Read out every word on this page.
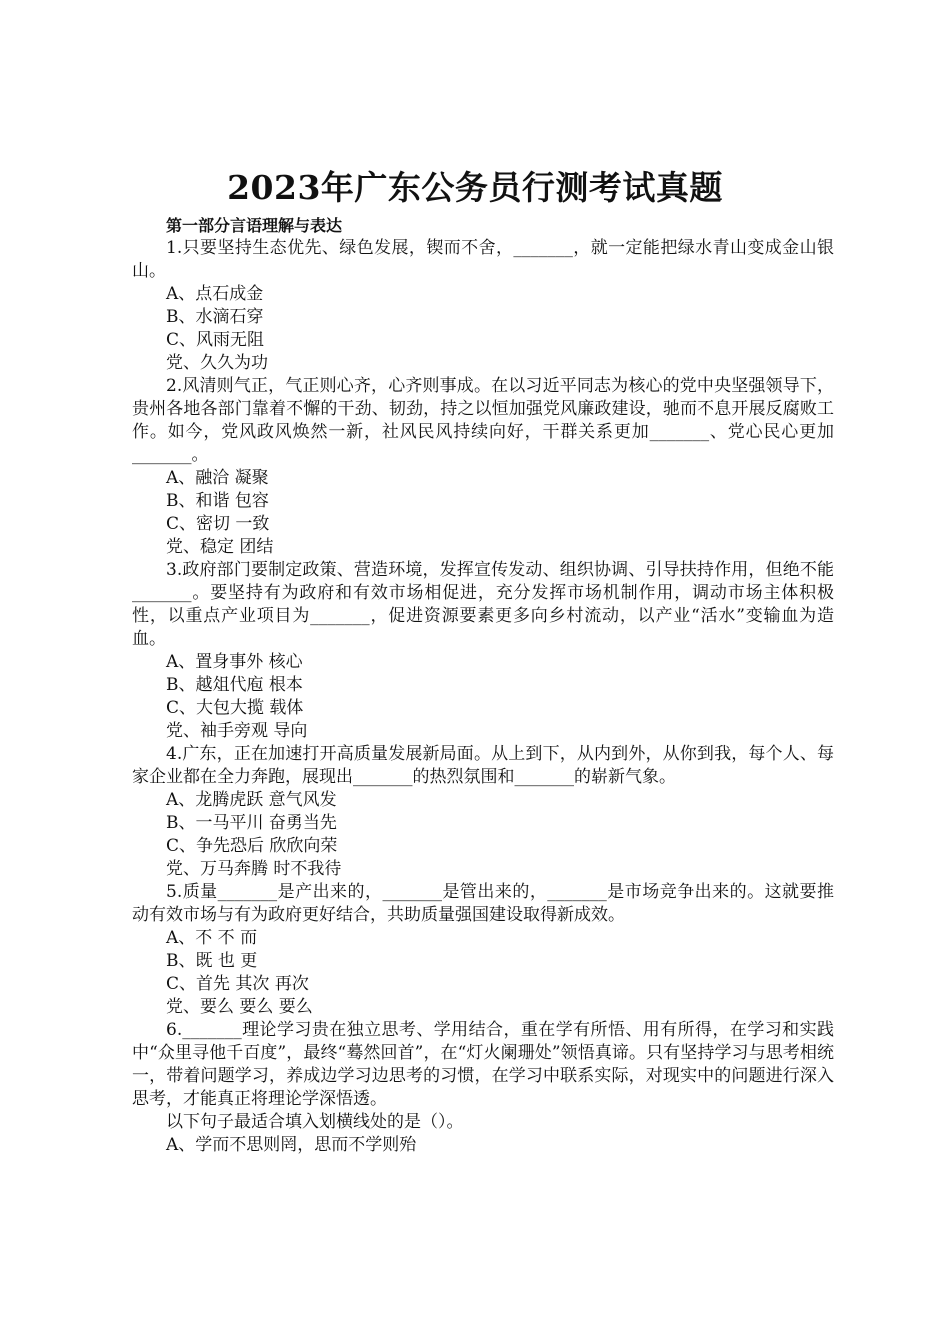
2023年广东公务员行测考试真题

第一部分言语理解与表达

1.只要坚持生态优先、绿色发展，锲而不舍，_______，就一定能把绿水青山变成金山银山。

A、点石成金

B、水滴石穿

C、风雨无阻

党、久久为功

2.风清则气正，气正则心齐，心齐则事成。在以习近平同志为核心的党中央坚强领导下，贵州各地各部门靠着不懈的干劲、韧劲，持之以恒加强党风廉政建设，驰而不息开展反腐败工作。如今，党风政风焕然一新，社风民风持续向好，干群关系更加_______、党心民心更加_______。

A、融洽 凝聚

B、和谐 包容

C、密切 一致

党、稳定 团结

3.政府部门要制定政策、营造环境，发挥宣传发动、组织协调、引导扶持作用，但绝不能_______。要坚持有为政府和有效市场相促进，充分发挥市场机制作用，调动市场主体积极性，以重点产业项目为_______，促进资源要素更多向乡村流动，以产业“活水”变输血为造血。

A、置身事外 核心

B、越俎代庖 根本

C、大包大揽 载体

党、袖手旁观 导向

4.广东，正在加速打开高质量发展新局面。从上到下，从内到外，从你到我，每个人、每家企业都在全力奔跑，展现出_______的热烈氛围和_______的崭新气象。

A、龙腾虎跃 意气风发

B、一马平川 奋勇当先

C、争先恐后 欣欣向荣

党、万马奔腾 时不我待

5.质量_______是产出来的，_______是管出来的，_______是市场竞争出来的。这就要推动有效市场与有为政府更好结合，共助质量强国建设取得新成效。

A、不 不 而

B、既 也 更

C、首先 其次 再次

党、要么 要么 要么

6._______理论学习贵在独立思考、学用结合，重在学有所悟、用有所得，在学习和实践中“众里寻他千百度”，最终“蓦然回首”，在“灯火阑珊处”领悟真谛。只有坚持学习与思考相统一，带着问题学习，养成边学习边思考的习惯，在学习中联系实际，对现实中的问题进行深入思考，才能真正将理论学深悟透。

以下句子最适合填入划横线处的是（）。

A、学而不思则罔，思而不学则殆
